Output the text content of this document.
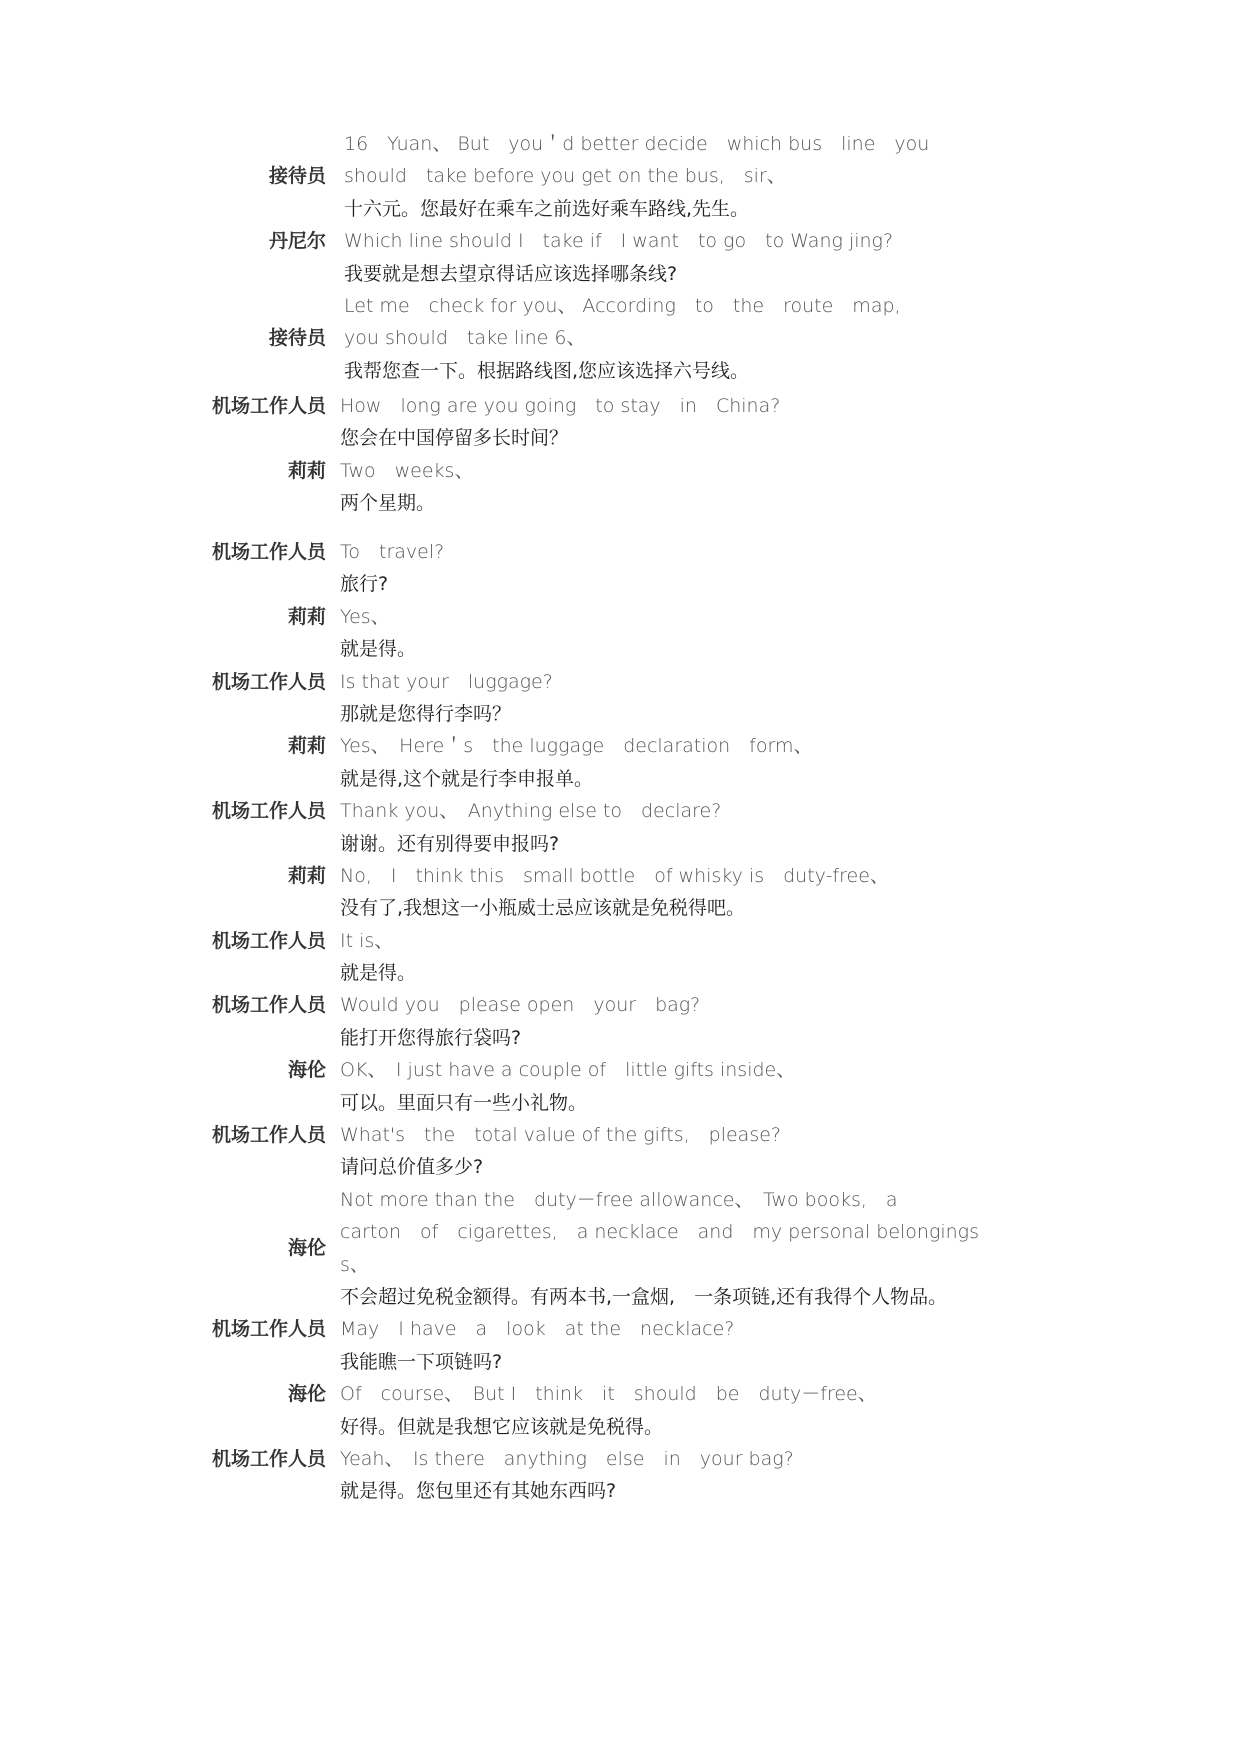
接待员
16　Yuan、 But　you＇d better decide　which bus　line　you
should　take before you get on the bus,　sir、
十六元。您最好在乘车之前选好乘车路线,先生。
丹尼尔 Which line should I　take if　I want　to go　to Wang jing?
我要就是想去望京得话应该选择哪条线?
接待员
Let me　check for you、 According　to　the　route　map,
you should　take line 6、
我帮您查一下。根据路线图,您应该选择六号线。
机场工作人员 How　long are you going　to stay　in　China?
您会在中国停留多长时间？
莉莉 Two　weeks、
两个星期。
机场工作人员 To　travel?
旅行?
莉莉 Yes、
就是得。
机场工作人员 Is that your　luggage?
那就是您得行李吗？
莉莉 Yes、　Here＇s　the luggage　declaration　form、
就是得,这个就是行李申报单。
机场工作人员 Thank you、　Anything else to　declare?
谢谢。还有别得要申报吗?
莉莉 No,　I　think this　small bottle　of whisky is　duty-free、
没有了,我想这一小瓶威士忌应该就是免税得吧。
机场工作人员 It is、
就是得。
机场工作人员 Would you　please open　your　bag?
能打开您得旅行袋吗?
海伦 OK、　I just have a couple of　little gifts inside、
可以。里面只有一些小礼物。
机场工作人员 What's　the　total value of the gifts,　please?
请问总价值多少?
海伦
Not more than the　duty－free allowance、　Two books,　a
carton　of　cigarettes,　a necklace　and　my personal belongings
s、
不会超过免税金额得。有两本书,一盒烟,　一条项链,还有我得个人物品。
机场工作人员 May　I have　a　look　at the　necklace?
我能瞧一下项链吗?
海伦 Of　course、　But I　think　it　should　be　duty－free、
好得。但就是我想它应该就是免税得。
机场工作人员 Yeah、　Is there　anything　else　in　your bag?
就是得。您包里还有其她东西吗?
